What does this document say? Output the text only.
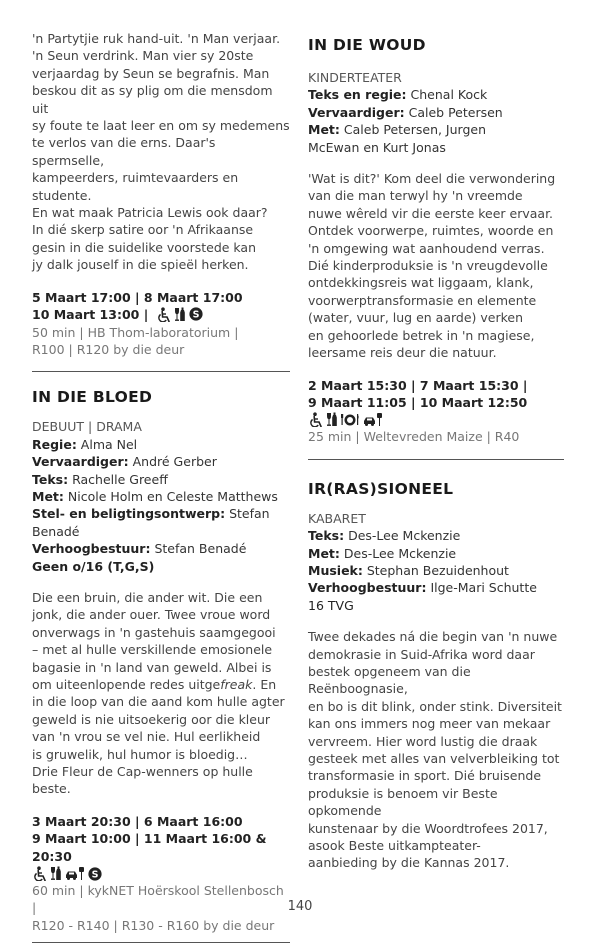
'n Partytjie ruk hand-uit. 'n Man verjaar.
'n Seun verdrink. Man vier sy 20ste
verjaardag by Seun se begrafnis. Man
beskou dit as sy plig om die mensdom uit
sy foute te laat leer en om sy medemens
te verlos van die erns. Daar's spermselle,
kampeerders, ruimtevaarders en studente.
En wat maak Patricia Lewis ook daar?
In dié skerp satire oor 'n Afrikaanse
gesin in die suidelike voorstede kan
jy dalk jouself in die spieël herken.
5 Maart 17:00 | 8 Maart 17:00
10 Maart 13:00 |
50 min | HB Thom-laboratorium |
R100 | R120 by die deur
IN DIE BLOED
DEBUUT | DRAMA
Regie: Alma Nel
Vervaardiger: André Gerber
Teks: Rachelle Greeff
Met: Nicole Holm en Celeste Matthews
Stel- en beligtingsontwerp: Stefan Benadé
Verhoogbestuur: Stefan Benadé
Geen o/16 (T,G,S)
Die een bruin, die ander wit. Die een
jonk, die ander ouer. Twee vroue word
onverwags in 'n gastehuis saamgegooi
– met al hulle verskillende emosionele
bagasie in 'n land van geweld. Albei is
om uiteenlopende redes uitgefreak. En
in die loop van die aand kom hulle agter
geweld is nie uitsoekerig oor die kleur
van 'n vrou se vel nie. Hul eerlikheid
is gruwelik, hul humor is bloedig…
Drie Fleur de Cap-wenners op hulle beste.
3 Maart 20:30 | 6 Maart 16:00
9 Maart 10:00 | 11 Maart 16:00 & 20:30
60 min | kykNET Hoërskool Stellenbosch |
R120 - R140 | R130 - R160 by die deur
IN DIE WOUD
KINDERTEATER
Teks en regie: Chenal Kock
Vervaardiger: Caleb Petersen
Met: Caleb Petersen, Jurgen
McEwan en Kurt Jonas
'Wat is dit?' Kom deel die verwondering
van die man terwyl hy 'n vreemde
nuwe wêreld vir die eerste keer ervaar.
Ontdek voorwerpe, ruimtes, woorde en
'n omgewing wat aanhoudend verras.
Dié kinderproduksie is 'n vreugdevolle
ontdekkingsreis wat liggaam, klank,
voorwerptransformasie en elemente
(water, vuur, lug en aarde) verken
en gehoorlede betrek in 'n magiese,
leersame reis deur die natuur.
2 Maart 15:30 | 7 Maart 15:30 |
9 Maart 11:05 | 10 Maart 12:50
25 min | Weltevreden Maize | R40
IR(RAS)SIONEEL
KABARET
Teks: Des-Lee Mckenzie
Met: Des-Lee Mckenzie
Musiek: Stephan Bezuidenhout
Verhoogbestuur: Ilge-Mari Schutte
16 TVG
Twee dekades ná die begin van 'n nuwe
demokrasie in Suid-Afrika word daar
bestek opgeneem van die Reënboognasie,
en bo is dit blink, onder stink. Diversiteit
kan ons immers nog meer van mekaar
vervreem. Hier word lustig die draak
gesteek met alles van velverbleiking tot
transformasie in sport. Dié bruisende
produksie is benoem vir Beste opkomende
kunstenaar by die Woordtrofees 2017,
asook Beste uitkampteater-
aanbieding by die Kannas 2017.
140
